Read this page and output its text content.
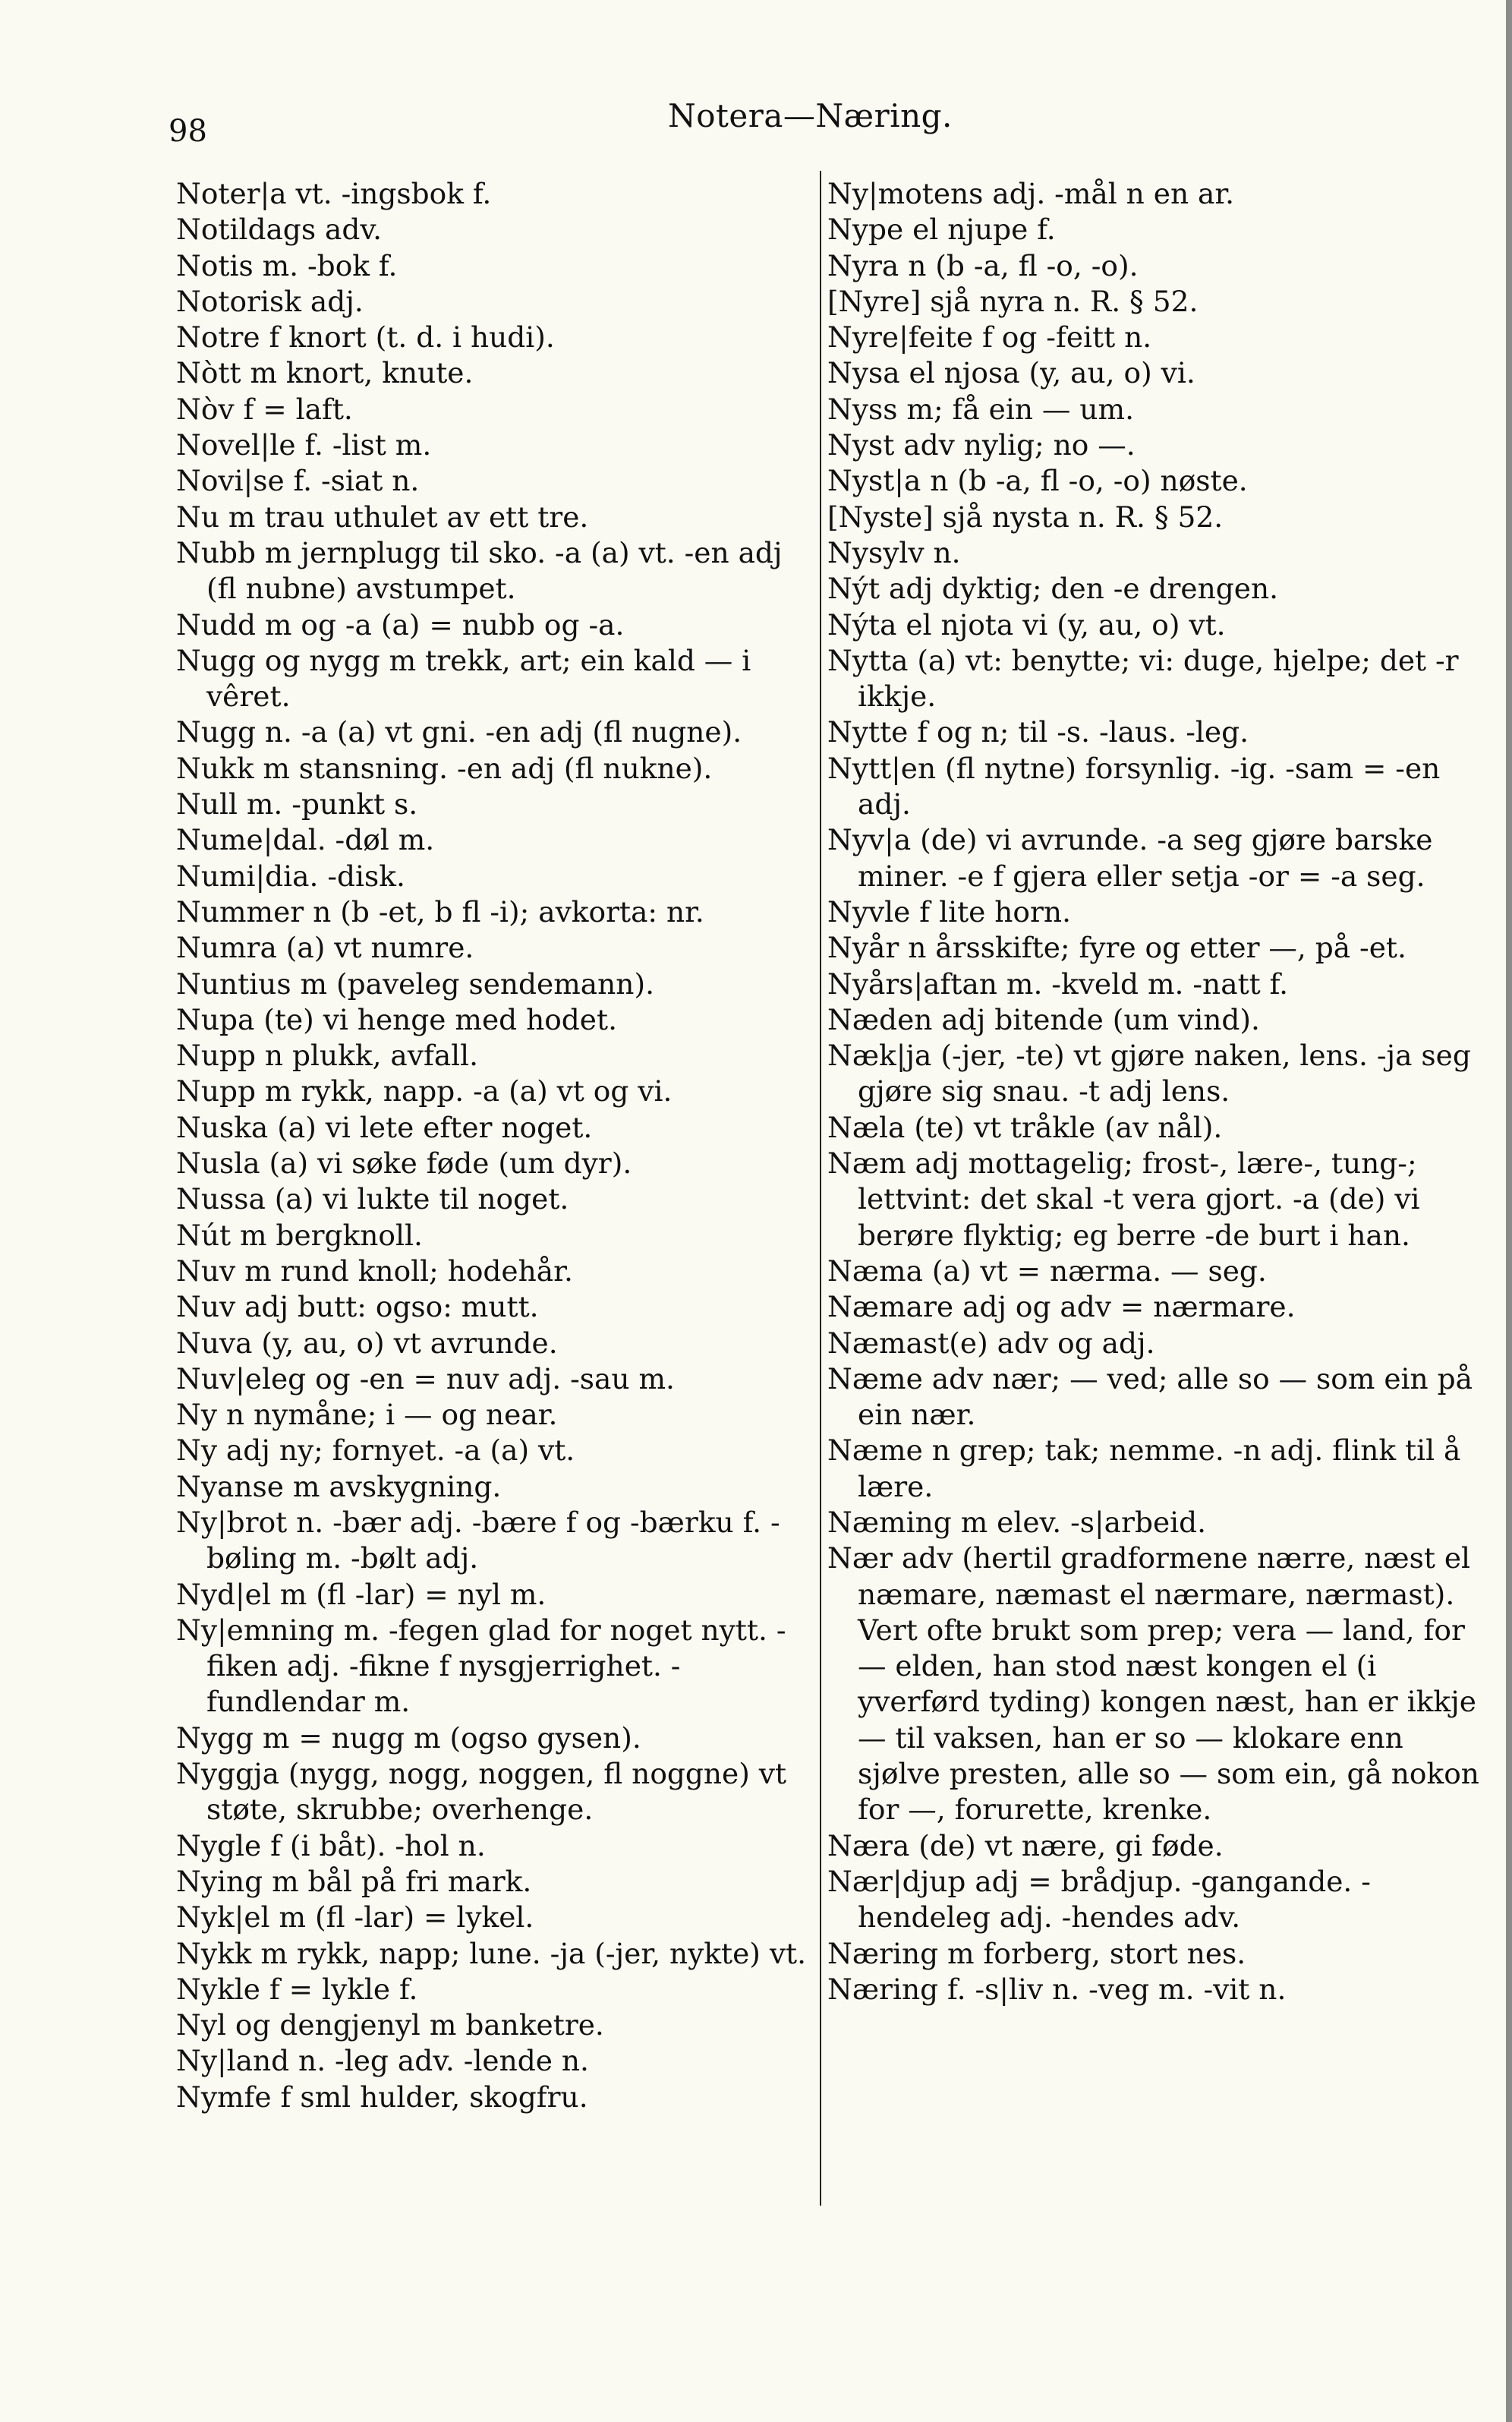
98	Notera—Næring.
Noter|a vt. -ingsbok f.
Notildags adv.
Notis m. -bok f.
Notorisk adj.
Notre f knort (t. d. i hudi).
Nòtt m knort, knute.
Nòv f = laft.
Novel|le f. -list m.
Novi|se f. -siat n.
Nu m trau uthulet av ett tre.
Nubb m jernplugg til sko. -a (a) vt. -en adj (fl nubne) avstumpet.
Nudd m og -a (a) = nubb og -a.
Nugg og nygg m trekk, art; ein kald — i vêret.
Nugg n. -a (a) vt gni. -en adj (fl nugne).
Nukk m stansning. -en adj (fl nukne).
Null m. -punkt s.
Nume|dal. -døl m.
Numi|dia. -disk.
Nummer n (b -et, b fl -i); avkorta: nr.
Numra (a) vt numre.
Nuntius m (paveleg sendemann).
Nupa (te) vi henge med hodet.
Nupp n plukk, avfall.
Nupp m rykk, napp. -a (a) vt og vi.
Nuska (a) vi lete efter noget.
Nusla (a) vi søke føde (um dyr).
Nussa (a) vi lukte til noget.
Nút m bergknoll.
Nuv m rund knoll; hodehår.
Nuv adj butt: ogso: mutt.
Nuva (y, au, o) vt avrunde.
Nuv|eleg og -en = nuv adj. -sau m.
Ny n nymåne; i — og near.
Ny adj ny; fornyet. -a (a) vt.
Nyanse m avskygning.
Ny|brot n. -bær adj. -bære f og -bærku f. -bøling m. -bølt adj.
Nyd|el m (fl -lar) = nyl m.
Ny|emning m. -fegen glad for noget nytt. -fiken adj. -fikne f nysgjerrighet. -fundlendar m.
Nygg m = nugg m (ogso gysen).
Nyggja (nygg, nogg, noggen, fl noggne) vt støte, skrubbe; overhenge.
Nygle f (i båt). -hol n.
Nying m bål på fri mark.
Nyk|el m (fl -lar) = lykel.
Nykk m rykk, napp; lune. -ja (-jer, nykte) vt.
Nykle f = lykle f.
Nyl og dengjenyl m banketre.
Ny|land n. -leg adv. -lende n.
Nymfe f sml hulder, skogfru.
Ny|motens adj. -mål n en ar.
Nype el njupe f.
Nyra n (b -a, fl -o, -o).
[Nyre] sjå nyra n. R. § 52.
Nyre|feite f og -feitt n.
Nysa el njosa (y, au, o) vi.
Nyss m; få ein — um.
Nyst adv nylig; no —.
Nyst|a n (b -a, fl -o, -o) nøste.
[Nyste] sjå nysta n. R. § 52.
Nysylv n.
Nýt adj dyktig; den -e drengen.
Nýta el njota vi (y, au, o) vt.
Nytta (a) vt: benytte; vi: duge, hjelpe; det -r ikkje.
Nytte f og n; til -s. -laus. -leg.
Nytt|en (fl nytne) forsynlig. -ig. -sam = -en adj.
Nyv|a (de) vi avrunde. -a seg gjøre barske miner. -e f gjera eller setja -or = -a seg.
Nyvle f lite horn.
Nyår n årsskifte; fyre og etter —, på -et.
Nyårs|aftan m. -kveld m. -natt f.
Næden adj bitende (um vind).
Næk|ja (-jer, -te) vt gjøre naken, lens. -ja seg gjøre sig snau. -t adj lens.
Næla (te) vt tråkle (av nål).
Næm adj mottagelig; frost-, lære-, tung-; lettvint: det skal -t vera gjort. -a (de) vi berøre flyktig; eg berre -de burt i han.
Næma (a) vt = nærma. — seg.
Næmare adj og adv = nærmare.
Næmast(e) adv og adj.
Næme adv nær; — ved; alle so — som ein på ein nær.
Næme n grep; tak; nemme. -n adj. flink til å lære.
Næming m elev. -s|arbeid.
Nær adv (hertil gradformene nærre, næst el næmare, næmast el nærmare, nærmast). Vert ofte brukt som prep; vera — land, for — elden, han stod næst kongen el (i yverførd tyding) kongen næst, han er ikkje — til vaksen, han er so — klokare enn sjølve presten, alle so — som ein, gå nokon for —, forurette, krenke.
Næra (de) vt nære, gi føde.
Nær|djup adj = brådjup. -gangande. -hendeleg adj. -hendes adv.
Næring m forberg, stort nes.
Næring f. -s|liv n. -veg m. -vit n.
